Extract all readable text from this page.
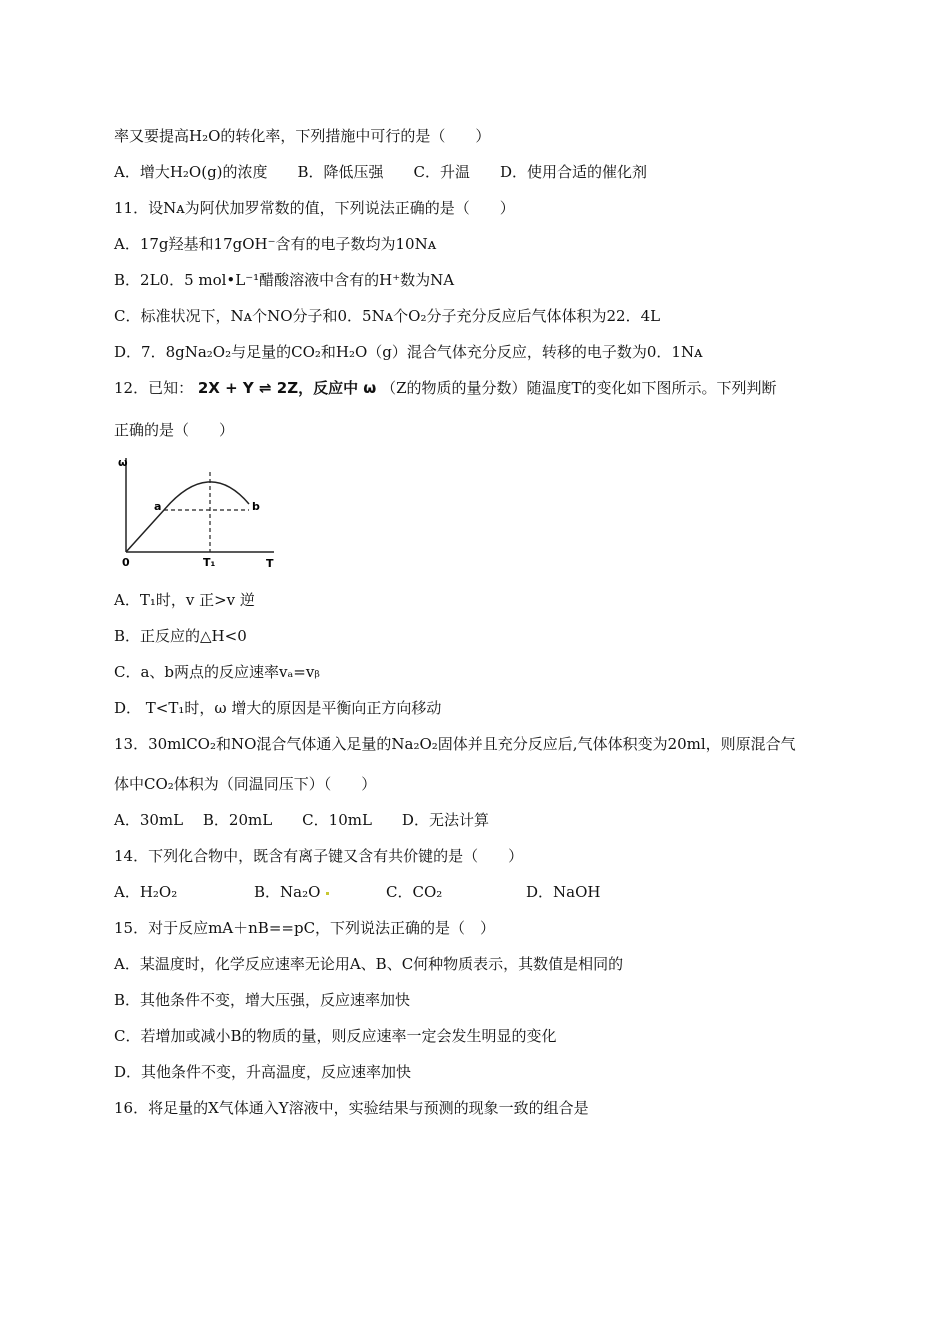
率又要提高H₂O的转化率，下列措施中可行的是（　　）
A．增大H₂O(g)的浓度　　B．降低压强　　C．升温　　D．使用合适的催化剂
11．设Nᴀ为阿伏加罗常数的值，下列说法正确的是（　　）
A．17g羟基和17gOH⁻含有的电子数均为10Nᴀ
B．2L0．5 mol•L⁻¹醋酸溶液中含有的H⁺数为NA
C．标准状况下，Nᴀ个NO分子和0．5Nᴀ个O₂分子充分反应后气体体积为22．4L
D．7．8gNa₂O₂与足量的CO₂和H₂O（g）混合气体充分反应，转移的电子数为0．1Nᴀ
12．已知： 2X + Y ⇌ 2Z，反应中 ω （Z的物质的量分数）随温度T的变化如下图所示。下列判断
正确的是（　　）
ω
T
0
a	b
T₁
A．T₁时，v 正>v 逆
B．正反应的△H<0
C．a、b两点的反应速率vₐ=vᵦ
D． T<T₁时，ω 增大的原因是平衡向正方向移动
13．30mlCO₂和NO混合气体通入足量的Na₂O₂固体并且充分反应后,气体体积变为20ml，则原混合气
体中CO₂体积为（同温同压下）（　　）
A．30mL　 B．20mL　　C．10mL　　D．无法计算
14．下列化合物中，既含有离子键又含有共价键的是（　　）
A．H₂O₂	B．Na₂O	C．CO₂	D．NaOH
15．对于反应mA＋nB==pC，下列说法正确的是（　）
A．某温度时，化学反应速率无论用A、B、C何种物质表示，其数值是相同的
B．其他条件不变，增大压强，反应速率加快
C．若增加或减小B的物质的量，则反应速率一定会发生明显的变化
D．其他条件不变，升高温度，反应速率加快
16．将足量的X气体通入Y溶液中，实验结果与预测的现象一致的组合是
